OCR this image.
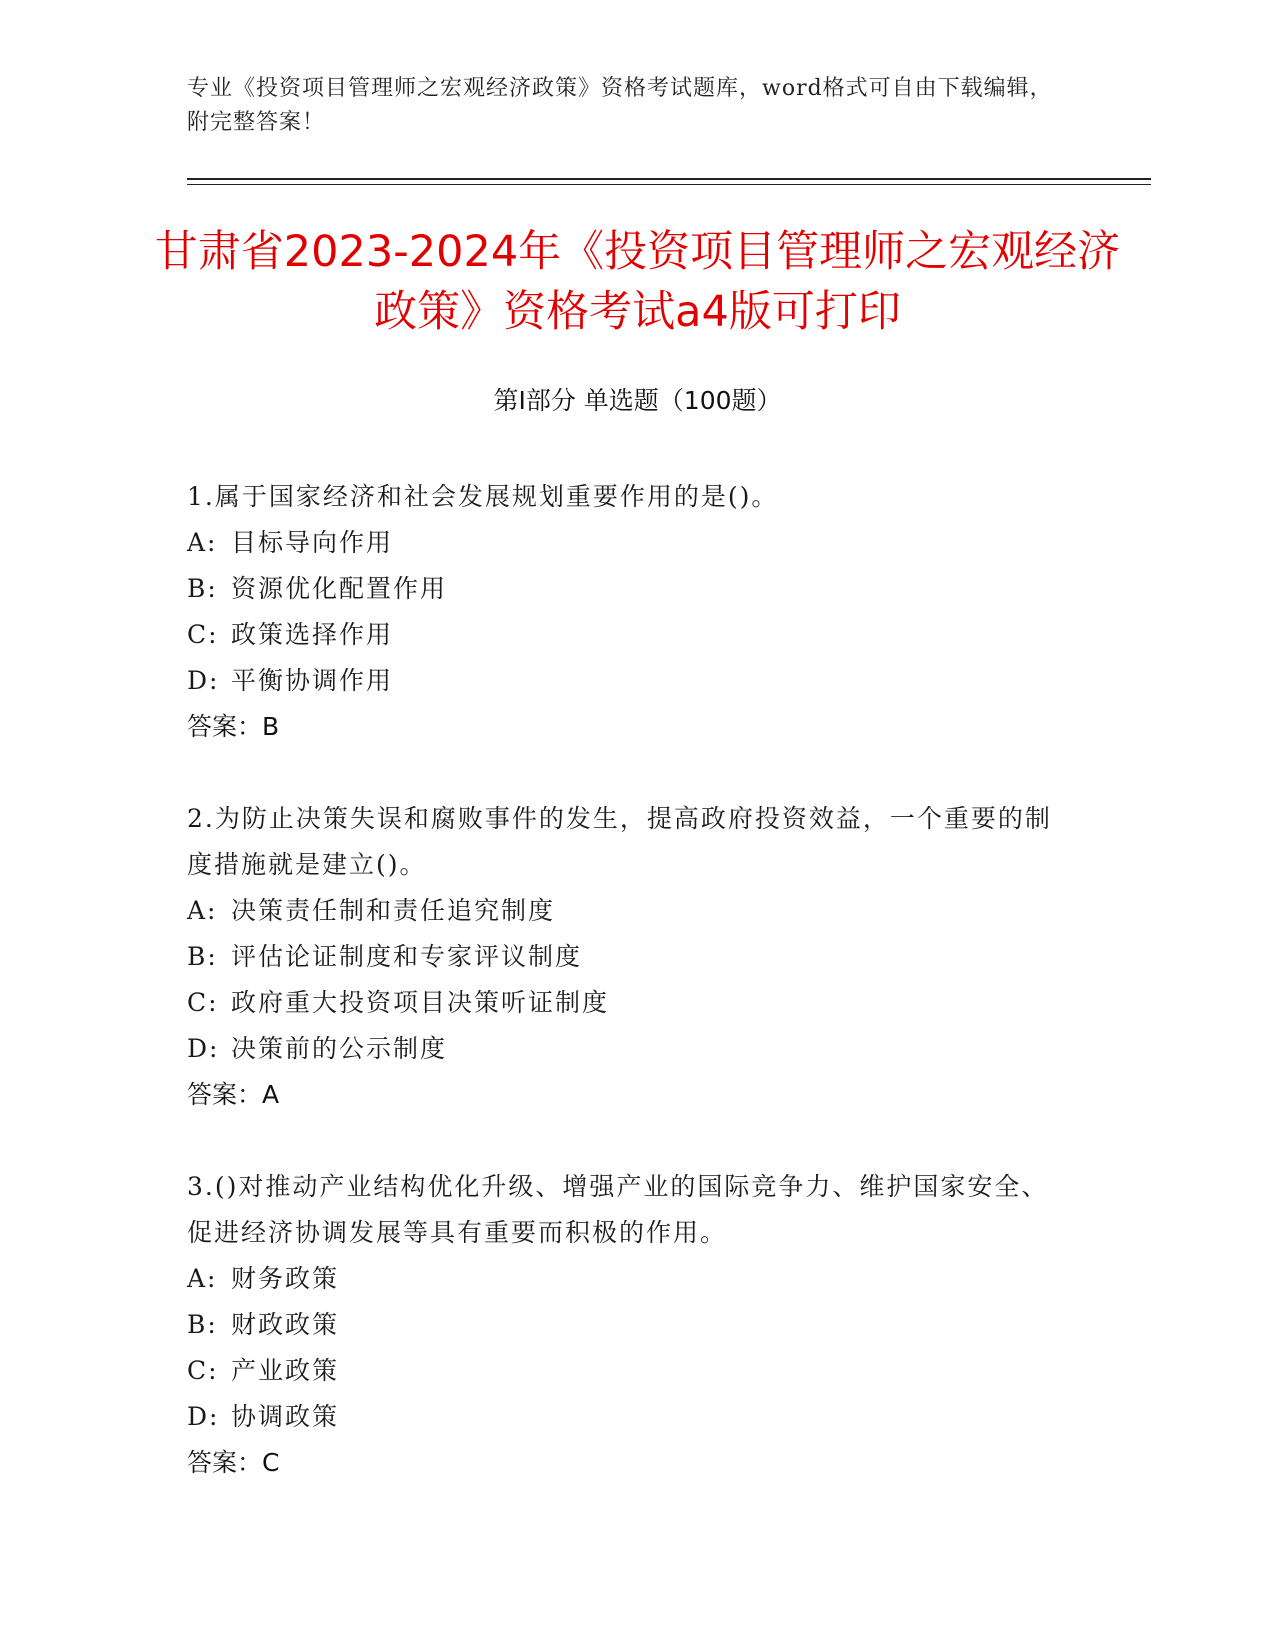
专业《投资项目管理师之宏观经济政策》资格考试题库，word格式可自由下载编辑，附完整答案！
甘肃省2023-2024年《投资项目管理师之宏观经济政策》资格考试a4版可打印
第I部分 单选题（100题）
1.属于国家经济和社会发展规划重要作用的是()。
A: 目标导向作用
B: 资源优化配置作用
C: 政策选择作用
D: 平衡协调作用
答案：B
2.为防止决策失误和腐败事件的发生，提高政府投资效益，一个重要的制度措施就是建立()。
A: 决策责任制和责任追究制度
B: 评估论证制度和专家评议制度
C: 政府重大投资项目决策听证制度
D: 决策前的公示制度
答案：A
3.()对推动产业结构优化升级、增强产业的国际竞争力、维护国家安全、促进经济协调发展等具有重要而积极的作用。
A: 财务政策
B: 财政政策
C: 产业政策
D: 协调政策
答案：C
